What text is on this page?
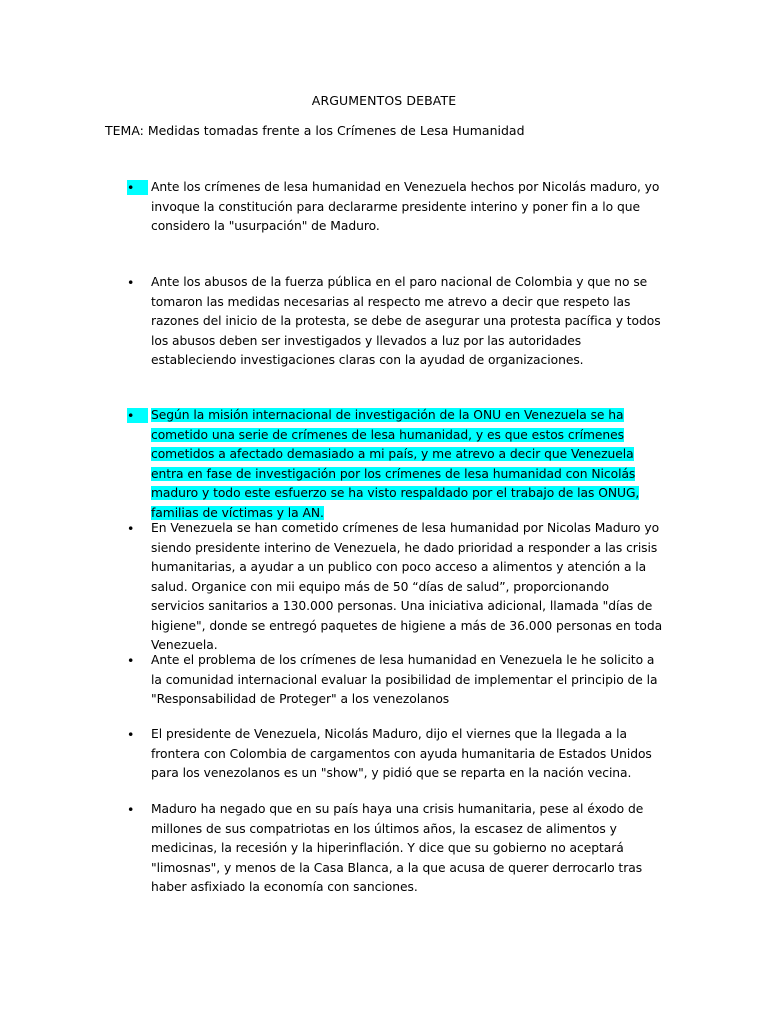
ARGUMENTOS DEBATE
TEMA: Medidas tomadas frente a los Crímenes de Lesa Humanidad
•	Ante los crímenes de lesa humanidad en Venezuela hechos por Nicolás maduro, yo invoque la constitución para declararme presidente interino y poner fin a lo que considero la "usurpación" de Maduro.
•	Ante los abusos de la fuerza pública en el paro nacional de Colombia y que no se tomaron las medidas necesarias al respecto me atrevo a decir que respeto las razones del inicio de la protesta, se debe de asegurar una protesta pacífica y todos los abusos deben ser investigados y llevados a luz por las autoridades estableciendo investigaciones claras con la ayudad de organizaciones.
•	Según la misión internacional de investigación de la ONU en Venezuela se ha cometido una serie de crímenes de lesa humanidad, y es que estos crímenes cometidos a afectado demasiado a mi país, y me atrevo a decir que Venezuela entra en fase de investigación por los crímenes de lesa humanidad con Nicolás maduro y todo este esfuerzo se ha visto respaldado por el trabajo de las ONUG, familias de víctimas y la AN.
•	En Venezuela se han cometido crímenes de lesa humanidad por Nicolas Maduro yo siendo presidente interino de Venezuela, he dado prioridad a responder a las crisis humanitarias, a ayudar a un publico con poco acceso a alimentos y atención a la salud. Organice con mii equipo más de 50 “días de salud”, proporcionando servicios sanitarios a 130.000 personas. Una iniciativa adicional, llamada "días de higiene", donde se entregó paquetes de higiene a más de 36.000 personas en toda Venezuela.
•	Ante el problema de los crímenes de lesa humanidad en Venezuela le he solicito a la comunidad internacional evaluar la posibilidad de implementar el principio de la "Responsabilidad de Proteger" a los venezolanos
•	El presidente de Venezuela, Nicolás Maduro, dijo el viernes que la llegada a la frontera con Colombia de cargamentos con ayuda humanitaria de Estados Unidos para los venezolanos es un "show", y pidió que se reparta en la nación vecina.
•	Maduro ha negado que en su país haya una crisis humanitaria, pese al éxodo de millones de sus compatriotas en los últimos años, la escasez de alimentos y medicinas, la recesión y la hiperinflación. Y dice que su gobierno no aceptará "limosnas", y menos de la Casa Blanca, a la que acusa de querer derrocarlo tras haber asfixiado la economía con sanciones.
